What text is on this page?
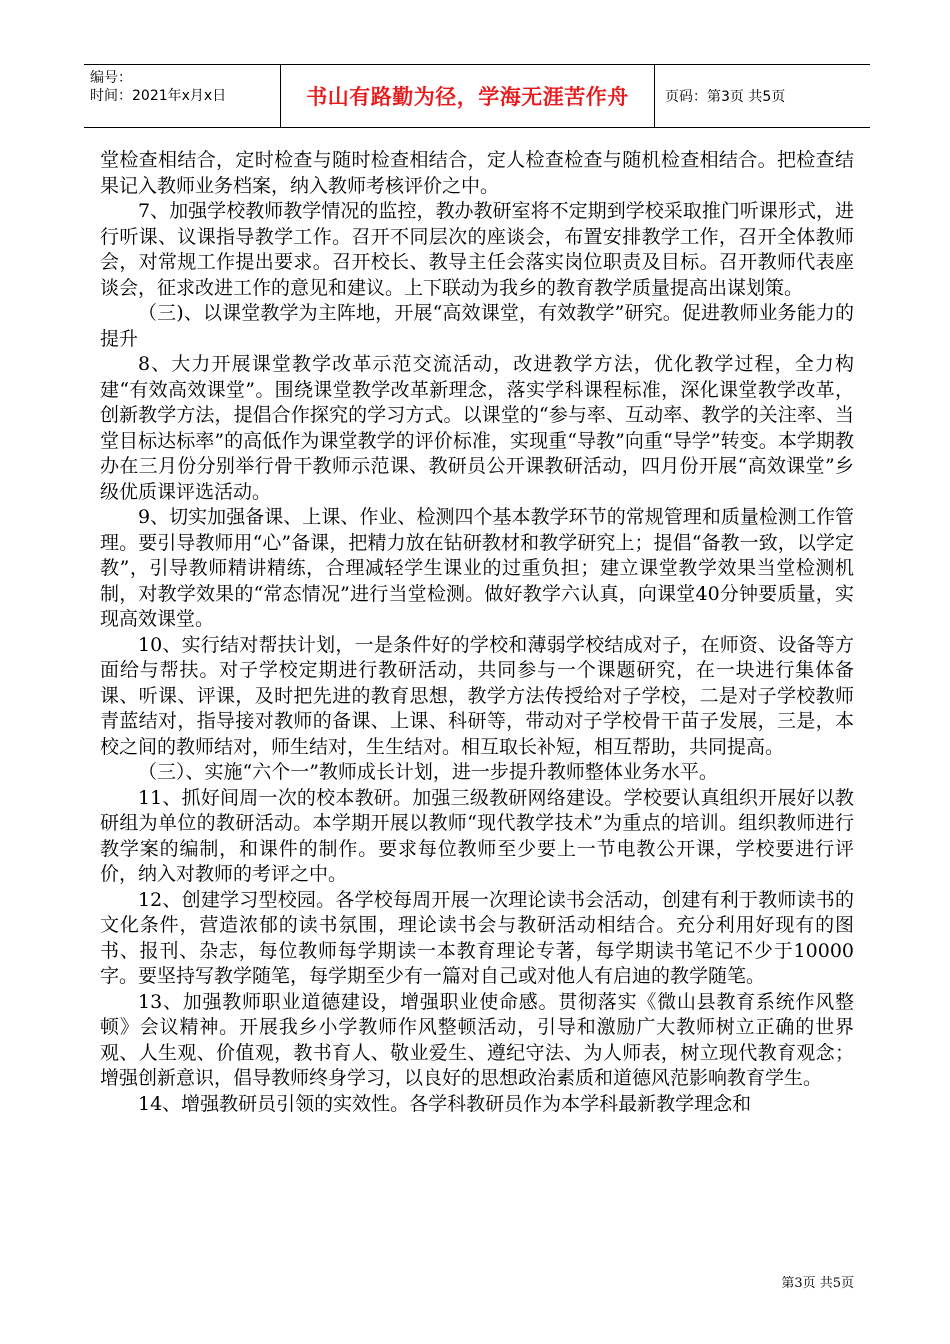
编号：
时间：2021年x月x日	书山有路勤为径，学海无涯苦作舟	页码：第3页 共5页

堂检查相结合，定时检查与随时检查相结合，定人检查检查与随机检查相结合。把检查结果记入教师业务档案，纳入教师考核评价之中。

7、加强学校教师教学情况的监控，教办教研室将不定期到学校采取推门听课形式，进行听课、议课指导教学工作。召开不同层次的座谈会，布置安排教学工作，召开全体教师会，对常规工作提出要求。召开校长、教导主任会落实岗位职责及目标。召开教师代表座谈会，征求改进工作的意见和建议。上下联动为我乡的教育教学质量提高出谋划策。

（三)、以课堂教学为主阵地，开展“高效课堂，有效教学”研究。促进教师业务能力的提升

8、大力开展课堂教学改革示范交流活动，改进教学方法，优化教学过程，全力构建“有效高效课堂”。围绕课堂教学改革新理念，落实学科课程标准，深化课堂教学改革，创新教学方法，提倡合作探究的学习方式。以课堂的“参与率、互动率、教学的关注率、当堂目标达标率”的高低作为课堂教学的评价标准，实现重“导教”向重“导学”转变。本学期教办在三月份分别举行骨干教师示范课、教研员公开课教研活动，四月份开展“高效课堂”乡级优质课评选活动。

9、切实加强备课、上课、作业、检测四个基本教学环节的常规管理和质量检测工作管理。要引导教师用“心”备课，把精力放在钻研教材和教学研究上；提倡“备教一致，以学定教”，引导教师精讲精练，合理减轻学生课业的过重负担；建立课堂教学效果当堂检测机制，对教学效果的“常态情况”进行当堂检测。做好教学六认真，向课堂40分钟要质量，实现高效课堂。

10、实行结对帮扶计划，一是条件好的学校和薄弱学校结成对子，在师资、设备等方面给与帮扶。对子学校定期进行教研活动，共同参与一个课题研究，在一块进行集体备课、听课、评课，及时把先进的教育思想，教学方法传授给对子学校，二是对子学校教师青蓝结对，指导接对教师的备课、上课、科研等，带动对子学校骨干苗子发展，三是，本校之间的教师结对，师生结对，生生结对。相互取长补短，相互帮助，共同提高。

（三）、实施“六个一”教师成长计划，进一步提升教师整体业务水平。

11、抓好间周一次的校本教研。加强三级教研网络建设。学校要认真组织开展好以教研组为单位的教研活动。本学期开展以教师“现代教学技术”为重点的培训。组织教师进行教学案的编制，和课件的制作。要求每位教师至少要上一节电教公开课，学校要进行评价，纳入对教师的考评之中。

12、创建学习型校园。各学校每周开展一次理论读书会活动，创建有利于教师读书的文化条件，营造浓郁的读书氛围，理论读书会与教研活动相结合。充分利用好现有的图书、报刊、杂志，每位教师每学期读一本教育理论专著，每学期读书笔记不少于10000字。要坚持写教学随笔，每学期至少有一篇对自己或对他人有启迪的教学随笔。

13、加强教师职业道德建设，增强职业使命感。贯彻落实《微山县教育系统作风整顿》会议精神。开展我乡小学教师作风整顿活动，引导和激励广大教师树立正确的世界观、人生观、价值观，教书育人、敬业爱生、遵纪守法、为人师表，树立现代教育观念；增强创新意识，倡导教师终身学习，以良好的思想政治素质和道德风范影响教育学生。

14、增强教研员引领的实效性。各学科教研员作为本学科最新教学理念和

第3页 共5页
